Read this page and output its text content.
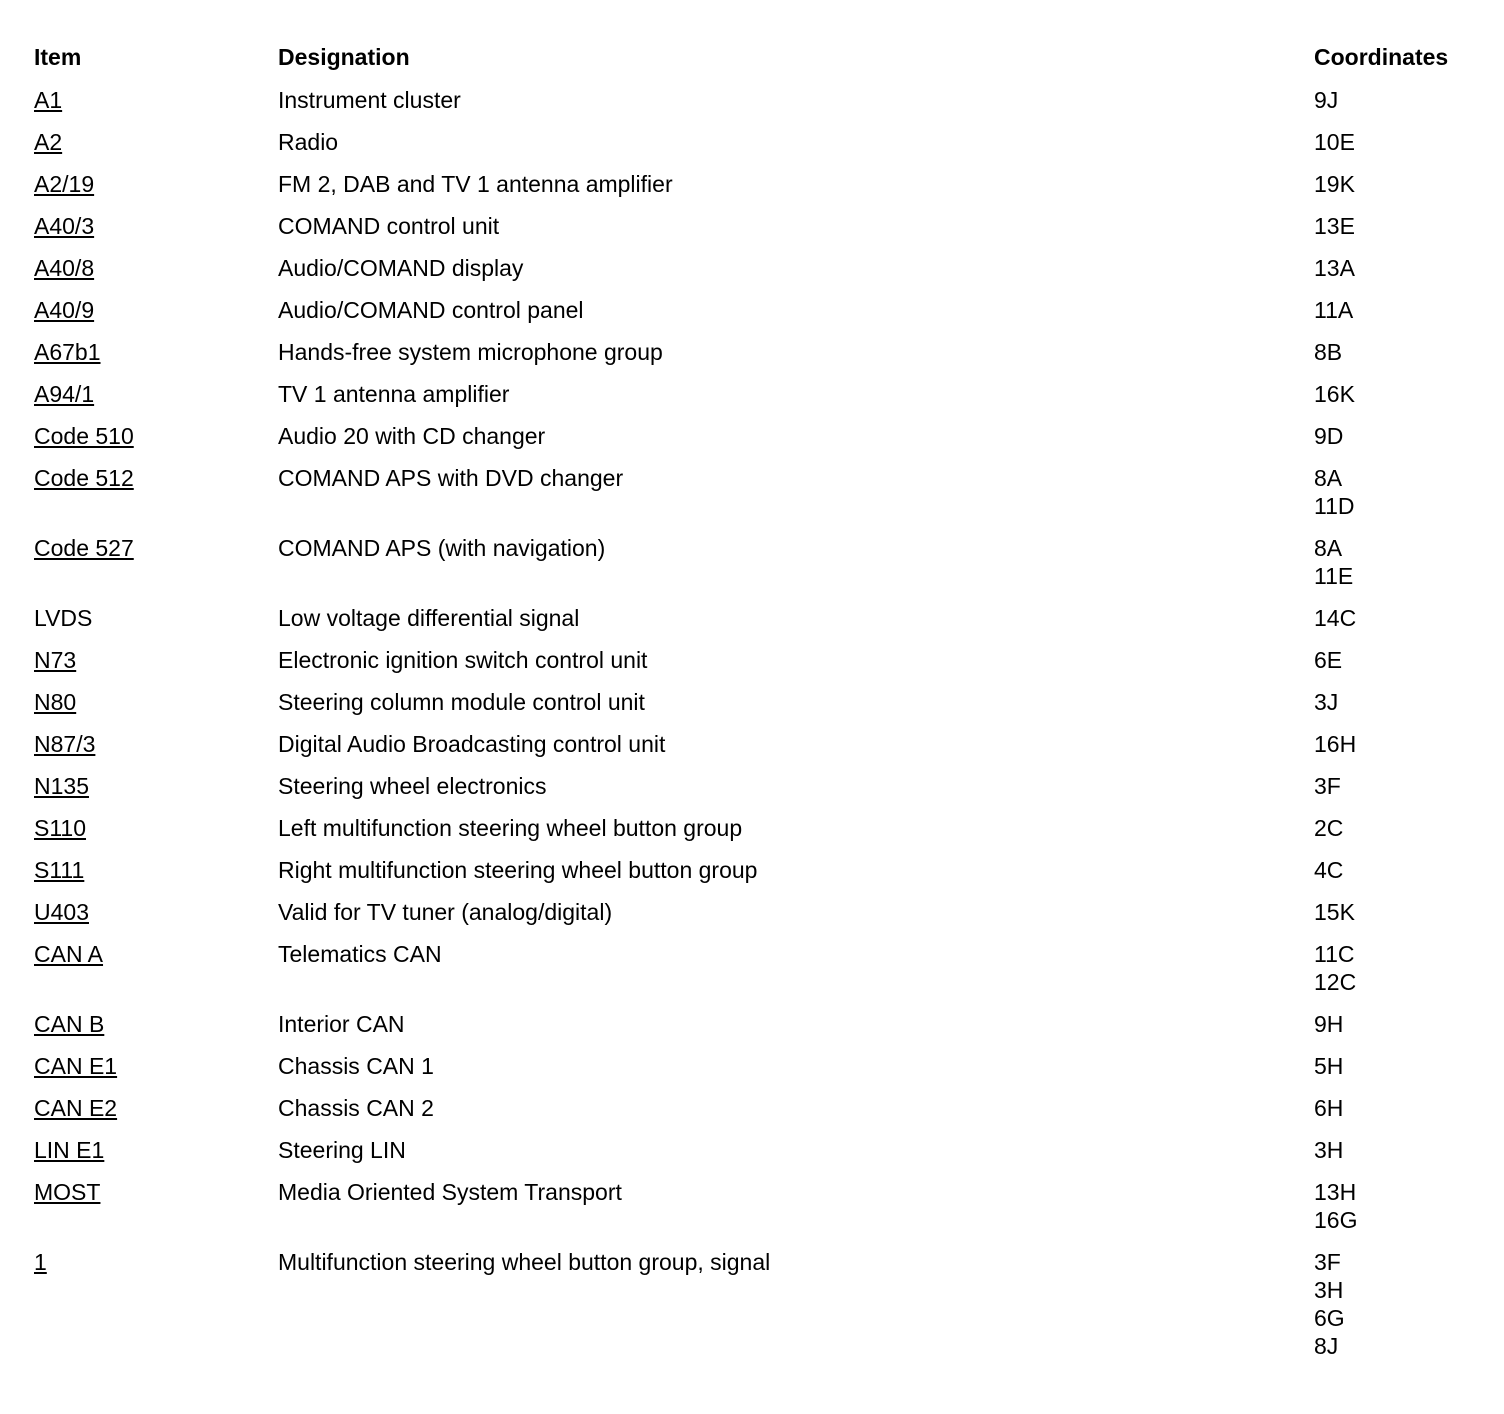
Item	Designation	Coordinates
A1	Instrument cluster	9J
A2	Radio	10E
A2/19	FM 2, DAB and TV 1 antenna amplifier	19K
A40/3	COMAND control unit	13E
A40/8	Audio/COMAND display	13A
A40/9	Audio/COMAND control panel	11A
A67b1	Hands-free system microphone group	8B
A94/1	TV 1 antenna amplifier	16K
Code 510	Audio 20 with CD changer	9D
Code 512	COMAND APS with DVD changer	8A
11D
Code 527	COMAND APS (with navigation)	8A
11E
LVDS	Low voltage differential signal	14C
N73	Electronic ignition switch control unit	6E
N80	Steering column module control unit	3J
N87/3	Digital Audio Broadcasting control unit	16H
N135	Steering wheel electronics	3F
S110	Left multifunction steering wheel button group	2C
S111	Right multifunction steering wheel button group	4C
U403	Valid for TV tuner (analog/digital)	15K
CAN A	Telematics CAN	11C
12C
CAN B	Interior CAN	9H
CAN E1	Chassis CAN 1	5H
CAN E2	Chassis CAN 2	6H
LIN E1	Steering LIN	3H
MOST	Media Oriented System Transport	13H
16G
1	Multifunction steering wheel button group, signal	3F
3H
6G
8J
